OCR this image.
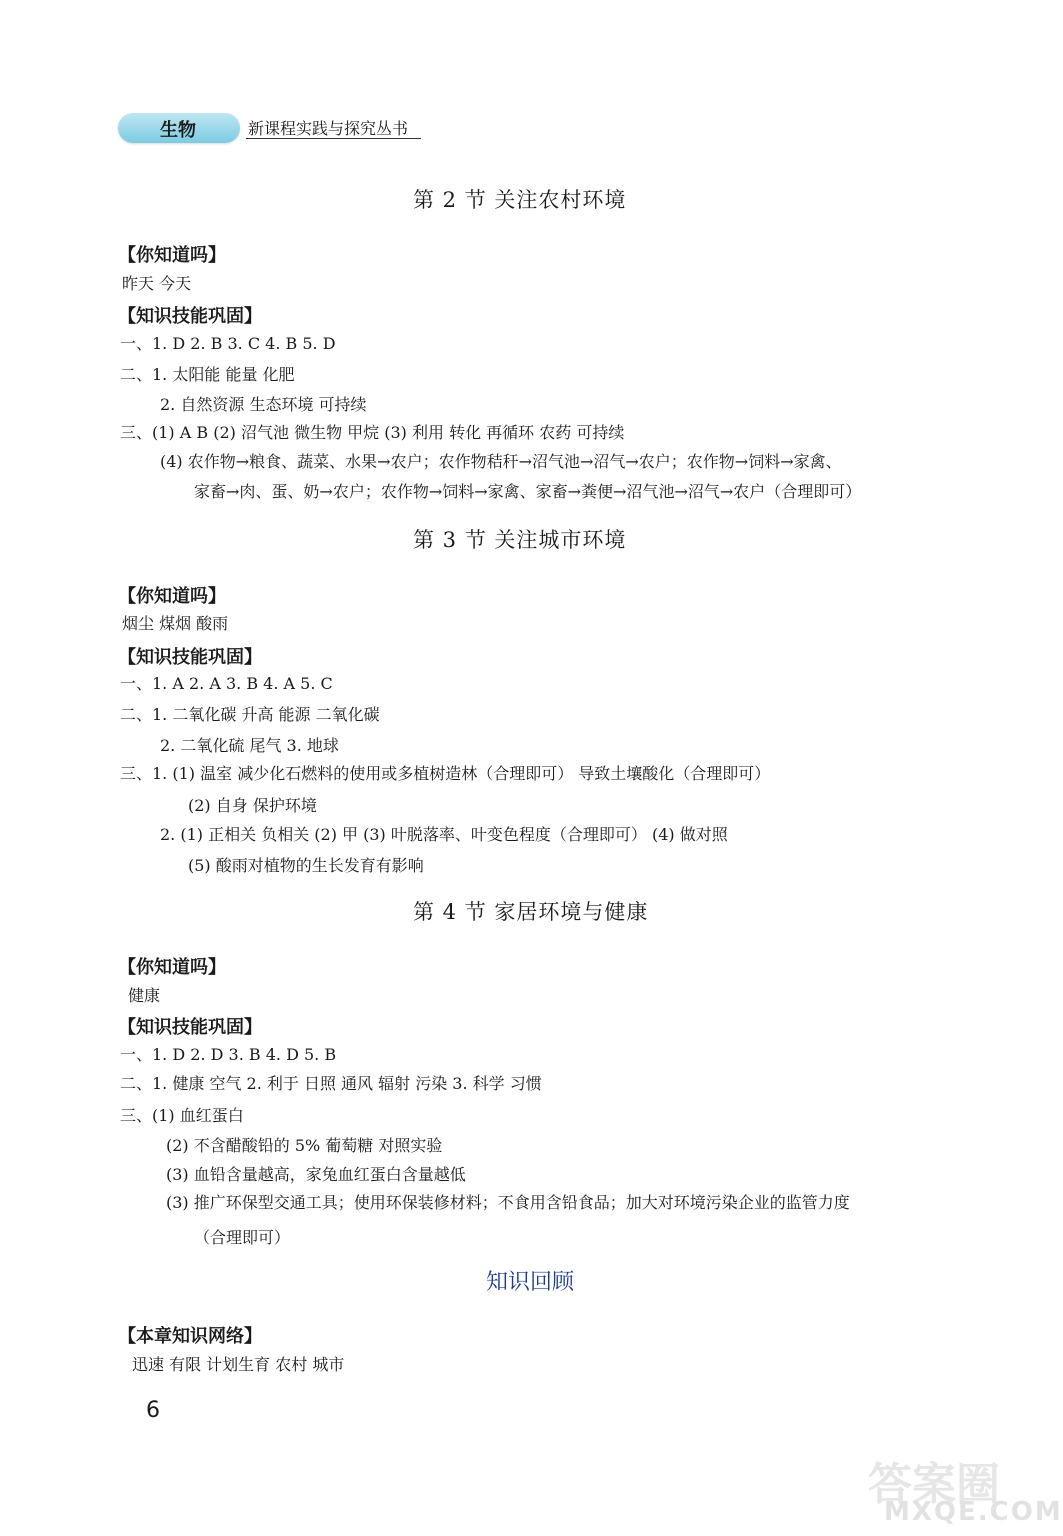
生物	新课程实践与探究丛书
第 2 节 关注农村环境
【你知道吗】
昨天 今天
【知识技能巩固】
一、1. D 2. B 3. C 4. B 5. D
二、1. 太阳能 能量 化肥
2. 自然资源 生态环境 可持续
三、(1) A B (2) 沼气池 微生物 甲烷 (3) 利用 转化 再循环 农药 可持续
(4) 农作物→粮食、蔬菜、水果→农户；农作物秸秆→沼气池→沼气→农户；农作物→饲料→家禽、
家畜→肉、蛋、奶→农户；农作物→饲料→家禽、家畜→粪便→沼气池→沼气→农户（合理即可）
第 3 节 关注城市环境
【你知道吗】
烟尘 煤烟 酸雨
【知识技能巩固】
一、1. A 2. A 3. B 4. A 5. C
二、1. 二氧化碳 升高 能源 二氧化碳
2. 二氧化硫 尾气 3. 地球
三、1. (1) 温室 减少化石燃料的使用或多植树造林（合理即可） 导致土壤酸化（合理即可）
(2) 自身 保护环境
2. (1) 正相关 负相关 (2) 甲 (3) 叶脱落率、叶变色程度（合理即可） (4) 做对照
(5) 酸雨对植物的生长发育有影响
第 4 节 家居环境与健康
【你知道吗】
健康
【知识技能巩固】
一、1. D 2. D 3. B 4. D 5. B
二、1. 健康 空气 2. 利于 日照 通风 辐射 污染 3. 科学 习惯
三、(1) 血红蛋白
(2) 不含醋酸铅的 5% 葡萄糖 对照实验
(3) 血铅含量越高，家兔血红蛋白含量越低
(3) 推广环保型交通工具；使用环保装修材料；不食用含铅食品；加大对环境污染企业的监管力度
（合理即可）
知识回顾
【本章知识网络】
迅速 有限 计划生育 农村 城市
6
答案圈
MXQE.COM
